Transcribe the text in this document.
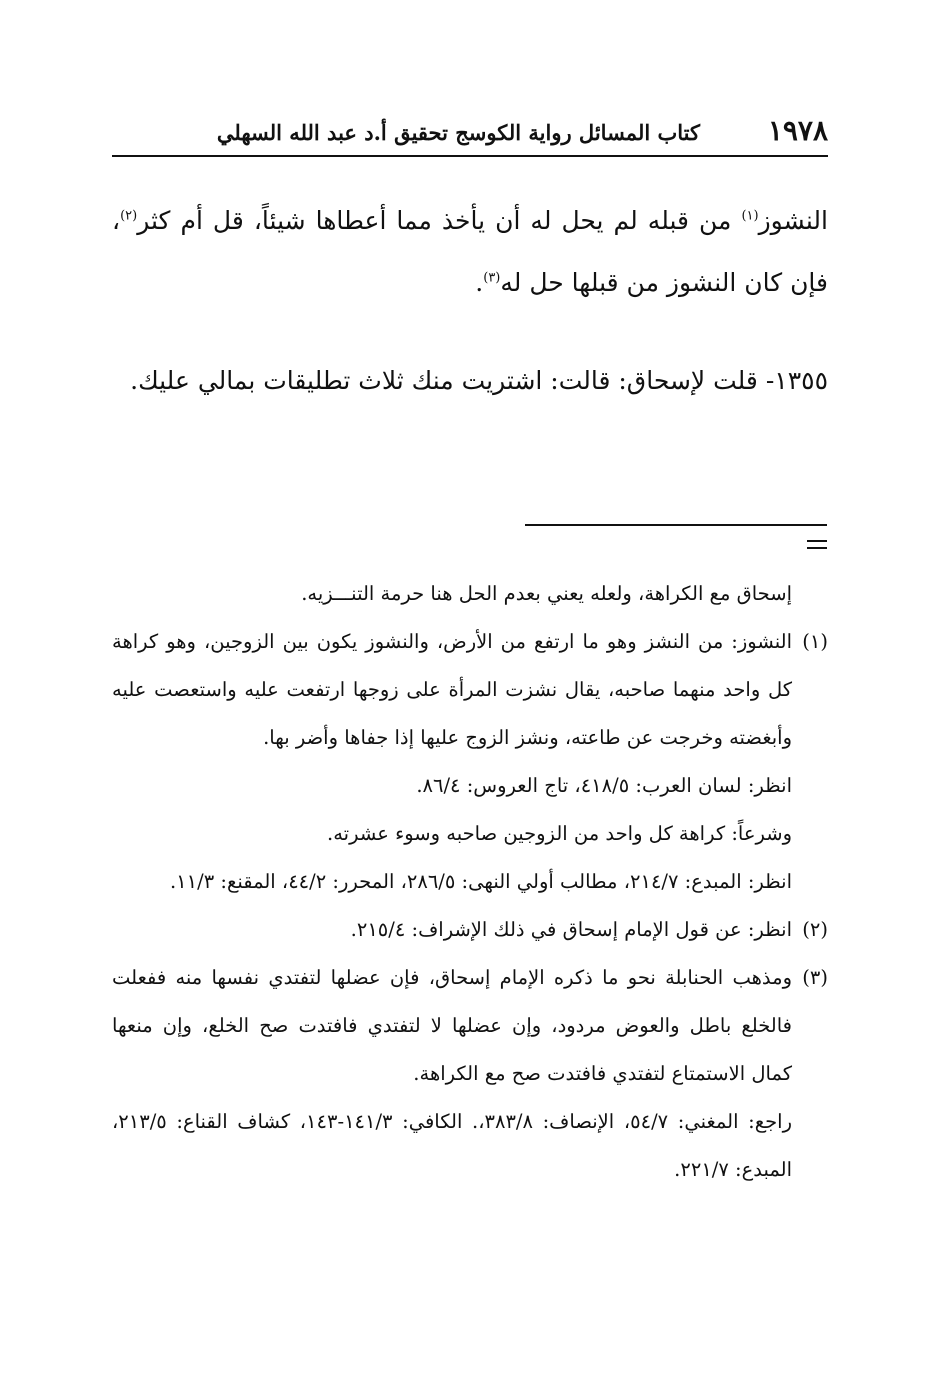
١٩٧٨
كتاب المسائل رواية الكوسج تحقيق أ.د عبد الله السهلي

النشوز$^{(١)}$ من قبله لم يحل له أن يأخذ مما أعطاها شيئاً، قل أم كثر$^{(٢)}$، فإن كان النشوز من قبلها حل له$^{(٣)}$.

١٣٥٥- قلت لإسحاق: قالت: اشتريت منك ثلاث تطليقات بمالي عليك.

إسحاق مع الكراهة، ولعله يعني بعدم الحل هنا حرمة التنـــزيه.

(١)النشوز: من النشز وهو ما ارتفع من الأرض، والنشوز يكون بين الزوجين، وهو كراهة كل واحد منهما صاحبه، يقال نشزت المرأة على زوجها ارتفعت عليه واستعصت عليه وأبغضته وخرجت عن طاعته، ونشز الزوج عليها إذا جفاها وأضر بها.

انظر: لسان العرب: ٤١٨/٥، تاج العروس: ٨٦/٤.

وشرعاً: كراهة كل واحد من الزوجين صاحبه وسوء عشرته.

انظر: المبدع: ٢١٤/٧، مطالب أولي النهى: ٢٨٦/٥، المحرر: ٤٤/٢، المقنع: ١١/٣.

(٢)انظر: عن قول الإمام إسحاق في ذلك الإشراف: ٢١٥/٤.

(٣)ومذهب الحنابلة نحو ما ذكره الإمام إسحاق، فإن عضلها لتفتدي نفسها منه ففعلت فالخلع باطل والعوض مردود، وإن عضلها لا لتفتدي فافتدت صح الخلع، وإن منعها كمال الاستمتاع لتفتدي فافتدت صح مع الكراهة.

راجع: المغني: ٥٤/٧، الإنصاف: ٣٨٣/٨،. الكافي: ١٤١/٣-١٤٣، كشاف القناع: ٢١٣/٥، المبدع: ٢٢١/٧.
